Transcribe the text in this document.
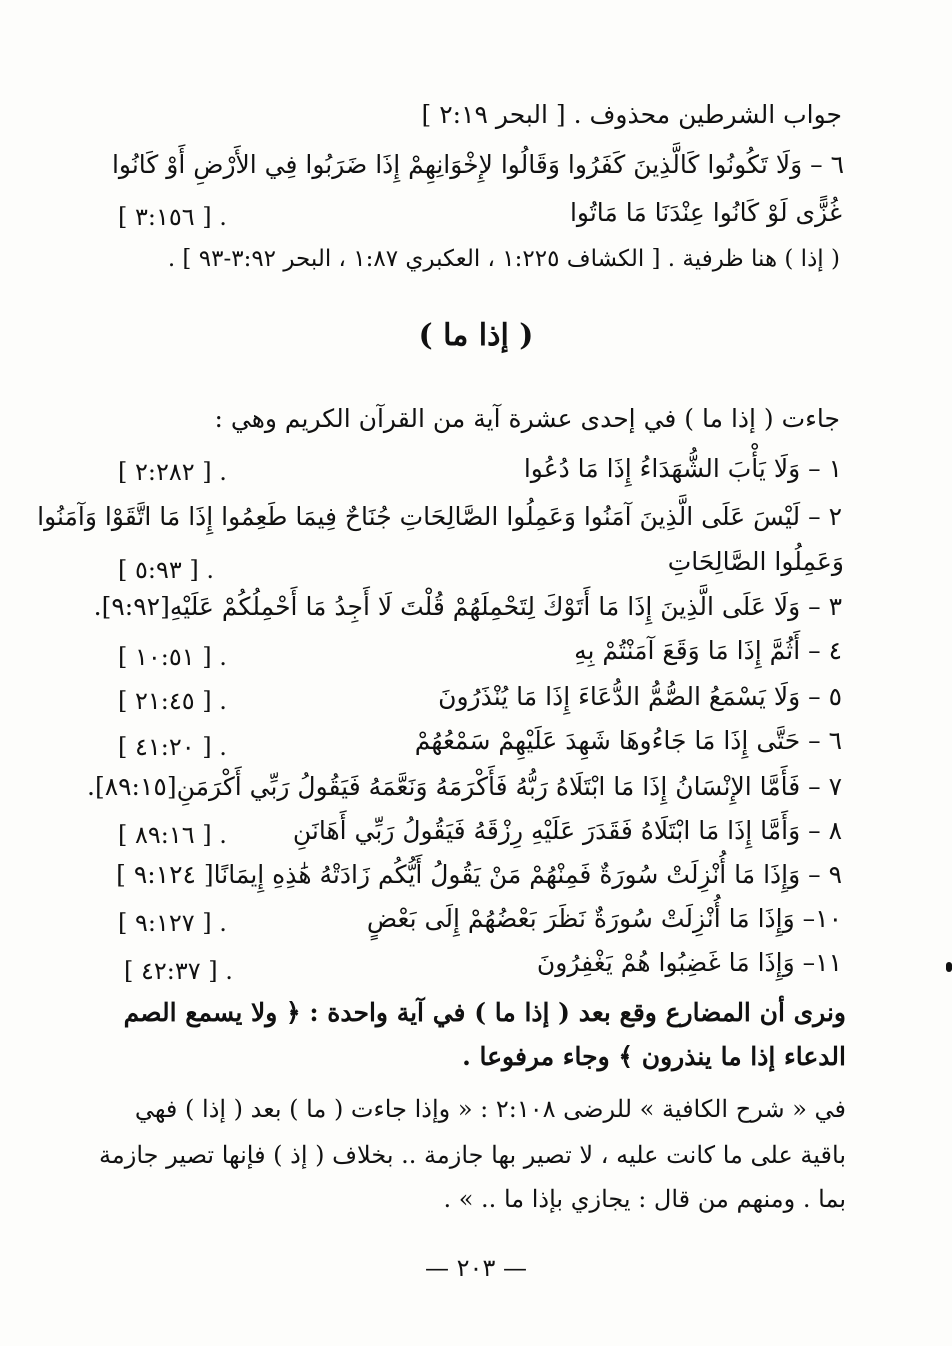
جواب الشرطين محذوف . [ البحر ٢:١٩ ]
٦ – وَلَا تَكُونُوا كَالَّذِينَ كَفَرُوا وَقَالُوا لإِخْوَانِهِمْ إِذَا ضَرَبُوا فِي الأَرْضِ أَوْ كَانُوا
غُزًّى لَوْ كَانُوا عِنْدَنَا مَا مَاتُوا
. [ ٣:١٥٦ ]
( إذا ) هنا ظرفية . [ الكشاف ١:٢٢٥ ، العكبري ١:٨٧ ، البحر ٣:٩٢-٩٣ ] .
( إذا ما )
جاءت ( إذا ما ) في إحدى عشرة آية من القرآن الكريم وهي :
١ – وَلَا يَأْبَ الشُّهَدَاءُ إِذَا مَا دُعُوا
. [ ٢:٢٨٢ ]
٢ – لَيْسَ عَلَى الَّذِينَ آمَنُوا وَعَمِلُوا الصَّالِحَاتِ جُنَاحٌ فِيمَا طَعِمُوا إِذَا مَا اتَّقَوْا وَآمَنُوا
وَعَمِلُوا الصَّالِحَاتِ
. [ ٥:٩٣ ]
٣ – وَلَا عَلَى الَّذِينَ إِذَا مَا أَتَوْكَ لِتَحْمِلَهُمْ قُلْتَ لَا أَجِدُ مَا أَحْمِلُكُمْ عَلَيْهِ[٩:٩٢].
٤ – أَثُمَّ إِذَا مَا وَقَعَ آمَنْتُمْ بِهِ
. [ ١٠:٥١ ]
٥ – وَلَا يَسْمَعُ الصُّمُّ الدُّعَاءَ إِذَا مَا يُنْذَرُونَ
. [ ٢١:٤٥ ]
٦ – حَتَّى إِذَا مَا جَاءُوهَا شَهِدَ عَلَيْهِمْ سَمْعُهُمْ
. [ ٤١:٢٠ ]
٧ – فَأَمَّا الإِنْسَانُ إِذَا مَا ابْتَلَاهُ رَبُّهُ فَأَكْرَمَهُ وَنَعَّمَهُ فَيَقُولُ رَبِّي أَكْرَمَنِ[٨٩:١٥].
٨ – وَأَمَّا إِذَا مَا ابْتَلَاهُ فَقَدَرَ عَلَيْهِ رِزْقَهُ فَيَقُولُ رَبِّي أَهَانَنِ
. [ ٨٩:١٦ ]
٩ – وَإِذَا مَا أُنْزِلَتْ سُورَةٌ فَمِنْهُمْ مَنْ يَقُولُ أَيُّكُم زَادَتْهُ هَٰذِهِ إِيمَانًا[ ٩:١٢٤ ]
١٠– وَإِذَا مَا أُنْزِلَتْ سُورَةٌ نَظَرَ بَعْضُهُمْ إِلَى بَعْضٍ
. [ ٩:١٢٧ ]
١١– وَإِذَا مَا غَضِبُوا هُمْ يَغْفِرُونَ
. [ ٤٢:٣٧ ]
ونرى أن المضارع وقع بعد ( إذا ما ) في آية واحدة : ﴿ ولا يسمع الصم
الدعاء إذا ما ينذرون ﴾ وجاء مرفوعا .
في « شرح الكافية » للرضى ٢:١٠٨ : « وإذا جاءت ( ما ) بعد ( إذا ) فهي
باقية على ما كانت عليه ، لا تصير بها جازمة .. بخلاف ( إذ ) فإنها تصير جازمة
بما . ومنهم من قال : يجازي بإذا ما .. » .
— ٢٠٣ —
